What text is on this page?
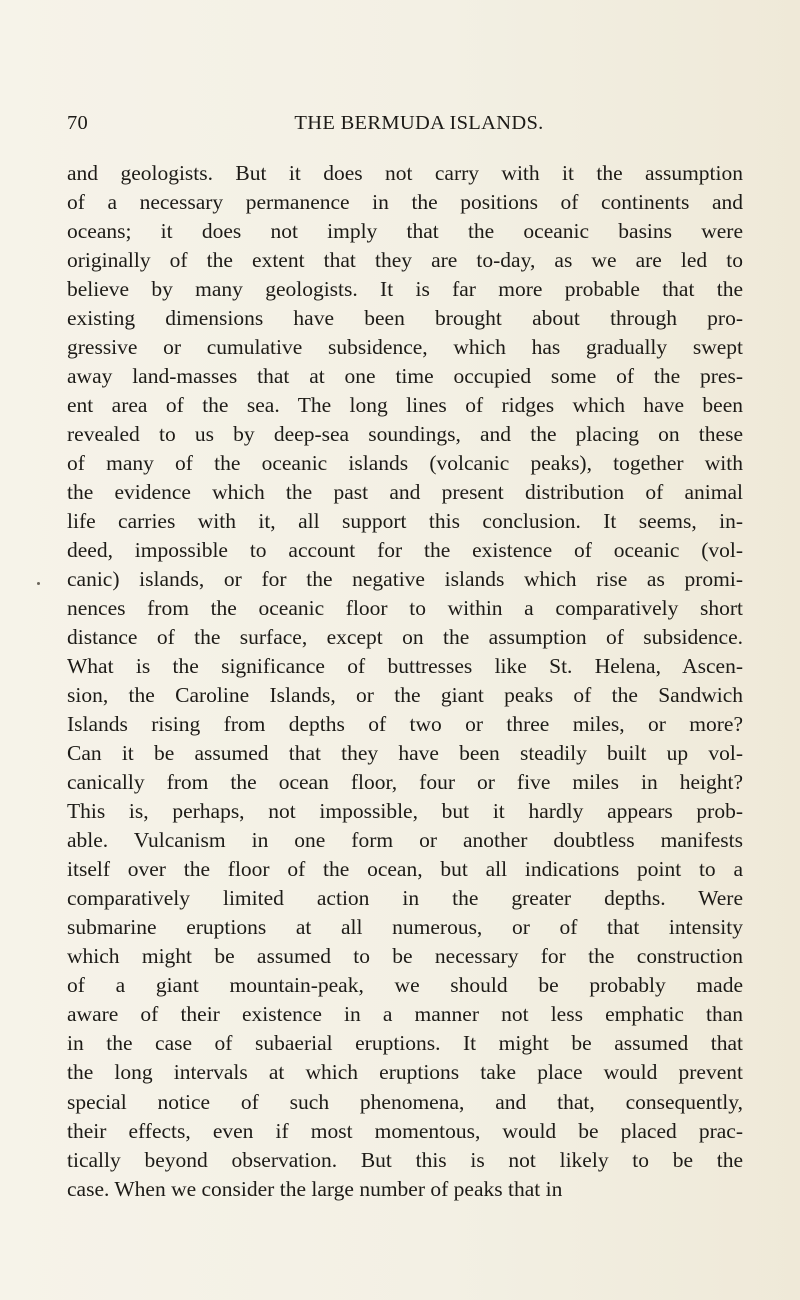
70	THE BERMUDA ISLANDS.
and geologists. But it does not carry with it the assumption
of a necessary permanence in the positions of continents and
oceans; it does not imply that the oceanic basins were
originally of the extent that they are to-day, as we are led to
believe by many geologists. It is far more probable that the
existing dimensions have been brought about through pro-
gressive or cumulative subsidence, which has gradually swept
away land-masses that at one time occupied some of the pres-
ent area of the sea. The long lines of ridges which have been
revealed to us by deep-sea soundings, and the placing on these
of many of the oceanic islands (volcanic peaks), together with
the evidence which the past and present distribution of animal
life carries with it, all support this conclusion. It seems, in-
deed, impossible to account for the existence of oceanic (vol-
canic) islands, or for the negative islands which rise as promi-
nences from the oceanic floor to within a comparatively short
distance of the surface, except on the assumption of subsidence.
What is the significance of buttresses like St. Helena, Ascen-
sion, the Caroline Islands, or the giant peaks of the Sandwich
Islands rising from depths of two or three miles, or more?
Can it be assumed that they have been steadily built up vol-
canically from the ocean floor, four or five miles in height?
This is, perhaps, not impossible, but it hardly appears prob-
able. Vulcanism in one form or another doubtless manifests
itself over the floor of the ocean, but all indications point to a
comparatively limited action in the greater depths. Were
submarine eruptions at all numerous, or of that intensity
which might be assumed to be necessary for the construction
of a giant mountain-peak, we should be probably made
aware of their existence in a manner not less emphatic than
in the case of subaerial eruptions. It might be assumed that
the long intervals at which eruptions take place would prevent
special notice of such phenomena, and that, consequently,
their effects, even if most momentous, would be placed prac-
tically beyond observation. But this is not likely to be the
case. When we consider the large number of peaks that in
